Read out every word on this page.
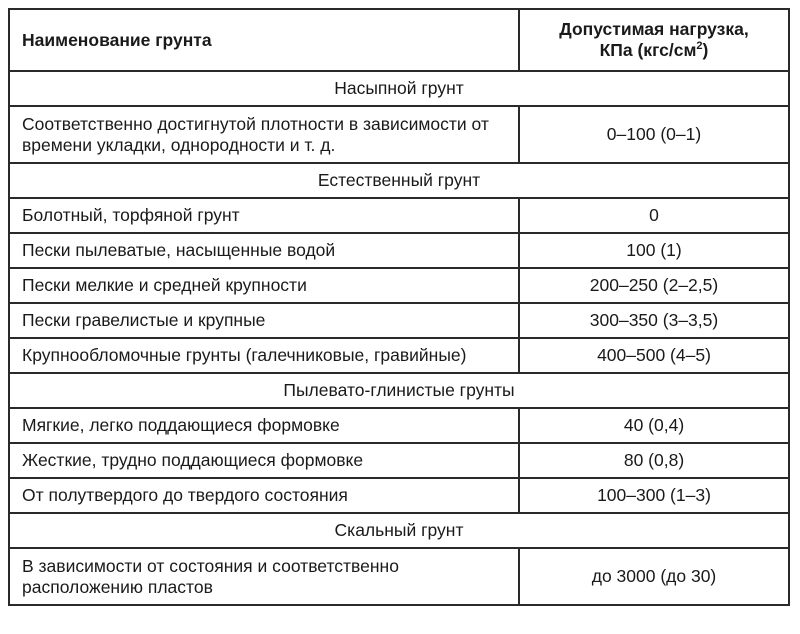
Наименование грунта	Допустимая нагрузка,
КПа $(кгс/см^2)$
Насыпной грунт	
Соответственно достигнутой плотности в зависимости от времени укладки, однородности и т. д.	0–100 (0–1)
Естественный грунт	
Болотный, торфяной грунт	0
Пески пылеватые, насыщенные водой	100 (1)
Пески мелкие и средней крупности	200–250 (2–2,5)
Пески гравелистые и крупные	300–350 (3–3,5)
Крупнообломочные грунты (галечниковые, гравийные)	400–500 (4–5)
Пылевато-глинистые грунты	
Мягкие, легко поддающиеся формовке	40 (0,4)
Жесткие, трудно поддающиеся формовке	80 (0,8)
От полутвердого до твердого состояния	100–300 (1–3)
Скальный грунт	
В зависимости от состояния и соответственно расположению пластов	до 3000 (до 30)
